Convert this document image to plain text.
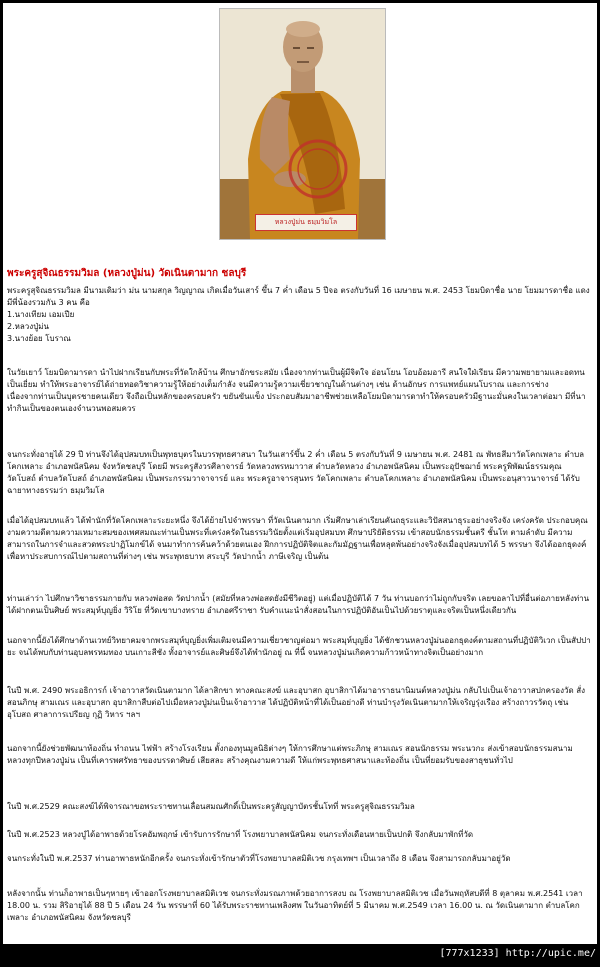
หลวงปู่ม่น ธมฺมวิมโล
พระครูสุจิณธรรมวิมล (หลวงปู่ม่น) วัดเนินตามาก ชลบุรี

พระครูสุจิณธรรมวิมล มีนามเดิมว่า ม่น นามสกุล วิญญาณ เกิดเมื่อวันเสาร์ ขึ้น 7 ค่ำ เดือน 5 ปีจอ ตรงกับวันที่ 16 เมษายน พ.ศ. 2453 โยมบิดาชื่อ นาย โยมมารดาชื่อ แดง มีพี่น้องรวมกัน 3 คน คือ
1.นางเทียม เอมเปีย
2.หลวงปู่ม่น
3.นางย้อย โบราณ

ในวัยเยาว์ โยมบิดามารดา นำไปฝากเรียนกับพระที่วัดใกล้บ้าน ศึกษาอักขระสมัย เนื่องจากท่านเป็นผู้มีจิตใจ อ่อนโยน โอบอ้อมอารี สนใจใฝ่เรียน มีความพยายามและอดทนเป็นเยี่ยม ทำให้พระอาจารย์ได้ถ่ายทอดวิชาความรู้ให้อย่างเต็มกำลัง จนมีความรู้ความเชี่ยวชาญในด้านต่างๆ เช่น ด้านอักษร การแพทย์แผนโบราณ และการช่าง
เนื่องจากท่านเป็นบุตรชายคนเดียว จึงถือเป็นหลักของครอบครัว ขยันขันแข็ง ประกอบสัมมาอาชีพช่วยเหลือโยมบิดามารดาทำให้ครอบครัวมีฐานะมั่นคงในเวลาต่อมา มีที่นาทำกินเป็นของตนเองจำนวนพอสมควร

จนกระทั่งอายุได้ 29 ปี ท่านจึงได้อุปสมบทเป็นพุทธบุตรในบวรพุทธศาสนา ในวันเสาร์ขึ้น 2 ค่ำ เดือน 5 ตรงกับวันที่ 9 เมษายน พ.ศ. 2481 ณ พัทธสีมาวัดโคกเพลาะ ตำบลโคกเพลาะ อำเภอพนัสนิคม จังหวัดชลบุรี โดยมี พระครูสังวรศีลาจารย์ วัดหลวงพรหมาวาส ตำบลวัดหลวง อำเภอพนัสนิคม เป็นพระอุปัชฌาย์ พระครูพิพัฒน์ธรรมคุณ วัดโบสถ์ ตำบลวัดโบสถ์ อำเภอพนัสนิคม เป็นพระกรรมวาจาจารย์ และ พระครูอาจารสุนทร วัดโคกเพลาะ ตำบลโคกเพลาะ อำเภอพนัสนิคม เป็นพระอนุสาวนาจารย์ ได้รับฉายาทางธรรมว่า ธมฺมวิมโล

เมื่อได้อุปสมบทแล้ว ได้พำนักที่วัดโคกเพลาะระยะหนึ่ง จึงได้ย้ายไปจำพรรษา ที่วัดเนินตามาก เริ่มศึกษาเล่าเรียนคันถธุระและวิปัสสนาธุระอย่างจริงจัง เคร่งครัด ประกอบคุณงามความดีตามความเหมาะสมของเพศสมณะท่านเป็นพระที่เคร่งครัดในธรรมวินัยตั้งแต่เริ่มอุปสมบท ศึกษาปริยัติธรรม เข้าสอบนักธรรมชั้นตรี ชั้นโท ตามลำดับ มีความสามารถในการจำและสวดพระปาฏิโมกข์ได้ จนมาทำการค้นคว้าด้วยตนเอง ฝึกการปฏิบัติจิตและกัมมัฏฐานเพื่อหลุดพ้นอย่างจริงจังเมื่ออุปสมบทได้ 5 พรรษา จึงได้ออกธุดงค์เพื่อหาประสบการณ์ไปตามสถานที่ต่างๆ เช่น พระพุทธบาท สระบุรี วัดปากน้ำ ภาษีเจริญ เป็นต้น

ท่านเล่าว่า ไปศึกษาวิชาธรรมกายกับ หลวงพ่อสด วัดปากน้ำ (สมัยที่หลวงพ่อสดยังมีชีวิตอยู่) แต่เมื่อปฏิบัติได้ 7 วัน ท่านบอกว่าไม่ถูกกับจริต เลยขอลาไปที่อื่นต่อภายหลังท่านได้ฝากตนเป็นศิษย์ พระสมุห์บุญยิ่ง วิริโย ที่วัดเขาบางทราย อำเภอศรีราชา รับคำแนะนำสั่งสอนในการปฏิบัติอันเป็นไปด้วยราตุและจริตเป็นหนึ่งเดียวกัน

นอกจากนี้ยังได้ศึกษาด้านเวทย์วิทยาคมจากพระสมุห์บุญยิ่งเพิ่มเติมจนมีความเชี่ยวชาญต่อมา พระสมุห์บุญยิ่ง ได้ชักชวนหลวงปู่ม่นออกธุดงค์ตามสถานที่ปฏิบัติวิเวก เป็นสัปปายะ จนได้พบกับท่านอุบลพรหมทอง บนเกาะสีชัง ทั้งอาจารย์และศิษย์จึงได้พำนักอยู่ ณ ที่นี้ จนหลวงปู่ม่นเกิดความก้าวหน้าทางจิตเป็นอย่างมาก

ในปี พ.ศ. 2490 พระอธิการก์ เจ้าอาวาสวัดเนินตามาก ได้ลาสิกขา ทางคณะสงฆ์ และอุบาสก อุบาสิกาได้มาอาราธนานิมนต์หลวงปู่ม่น กลับไปเป็นเจ้าอาวาสปกครองวัด สั่งสอนภิกษุ สามเณร และอุบาสก อุบาสิกาสืบต่อไปเมื่อหลวงปู่ม่นเป็นเจ้าอาวาส ได้ปฏิบัติหน้าที่ได้เป็นอย่างดี ท่านบำรุงวัดเนินตามากให้เจริญรุ่งเรือง สร้างถาวรวัตถุ เช่น อุโบสถ ศาลาการเปรียญ กุฏิ วิหาร ฯลฯ

นอกจากนี้ยังช่วยพัฒนาท้องถิ่น ทำถนน ไฟฟ้า สร้างโรงเรียน ตั้งกองทุนมูลนิธิต่างๆ ให้การศึกษาแต่พระภิกษุ สามเณร สอนนักธรรม พระนวกะ ส่งเข้าสอบนักธรรมสนามหลวงทุกปีหลวงปู่ม่น เป็นที่เคารพศรัทธาของบรรดาศิษย์ เสียสละ สร้างคุณงามความดี ให้แก่พระพุทธศาสนาและท้องถิ่น เป็นที่ยอมรับของสาธุชนทั่วไป

ในปี พ.ศ.2529 คณะสงฆ์ได้พิจารณาขอพระราชทานเลื่อนสมณศักดิ์เป็นพระครูสัญญาบัตรชั้นโทที่ พระครูสุจิณธรรมวิมล

ในปี พ.ศ.2523 หลวงปู่ได้อาพาธด้วยโรคอัมพฤกษ์ เข้ารับการรักษาที่ โรงพยาบาลพนัสนิคม จนกระทั่งเดือนหายเป็นปกติ จึงกลับมาพักที่วัด

จนกระทั่งในปี พ.ศ.2537 ท่านอาพาธหนักอีกครั้ง จนกระทั่งเข้ารักษาตัวที่โรงพยาบาลสมิติเวช กรุงเทพฯ เป็นเวลาถึง 8 เดือน จึงสามารถกลับมาอยู่วัด

หลังจากนั้น ท่านก็อาพาธเป็นๆหายๆ เข้าออกโรงพยาบาลสมิติเวช จนกระทั่งมรณภาพด้วยอาการสงบ ณ โรงพยาบาลสมิติเวช เมื่อวันพฤหัสบดีที่ 8 ตุลาคม พ.ศ.2541 เวลา 18.00 น. รวม สิริอายุได้ 88 ปี 5 เดือน 24 วัน พรรษาที่ 60 ได้รับพระราชทานเพลิงศพ ในวันอาทิตย์ที่ 5 มีนาคม พ.ศ.2549 เวลา 16.00 น. ณ วัดเนินตามาก ตำบลโคกเพลาะ อำเภอพนัสนิคม จังหวัดชลบุรี

[777x1233] http://upic.me/
